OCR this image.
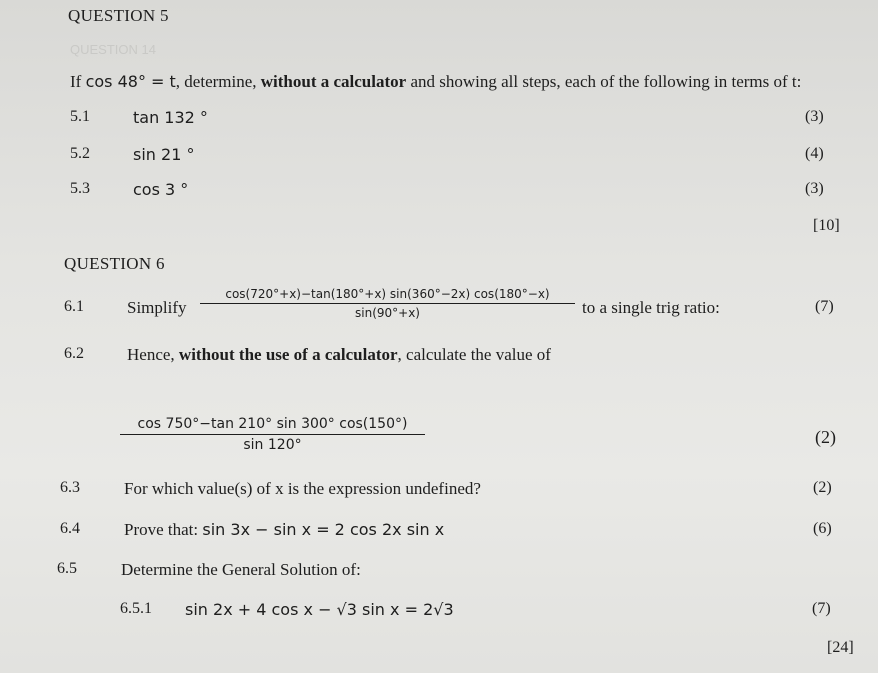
QUESTION 14
QUESTION 5
If cos 48° = t, determine, without a calculator and showing all steps, each of the following in terms of t:
5.1	tan 132 °	(3)
5.2	sin 21 °	(4)
5.3	cos 3 °	(3)
[10]
QUESTION 6
6.1	Simplify
cos(720°+x)−tan(180°+x) sin(360°−2x) cos(180°−x)
sin(90°+x)	to a single trig ratio:	(7)
6.2	Hence, without the use of a calculator, calculate the value of
cos 750°−tan 210° sin 300° cos(150°)
sin 120°	(2)
6.3	For which value(s) of x is the expression undefined?	(2)
6.4	Prove that: sin 3x − sin x = 2 cos 2x sin x	(6)
6.5	Determine the General Solution of:
6.5.1 sin 2x + 4 cos x − √3 sin x = 2√3	(7)
[24]
